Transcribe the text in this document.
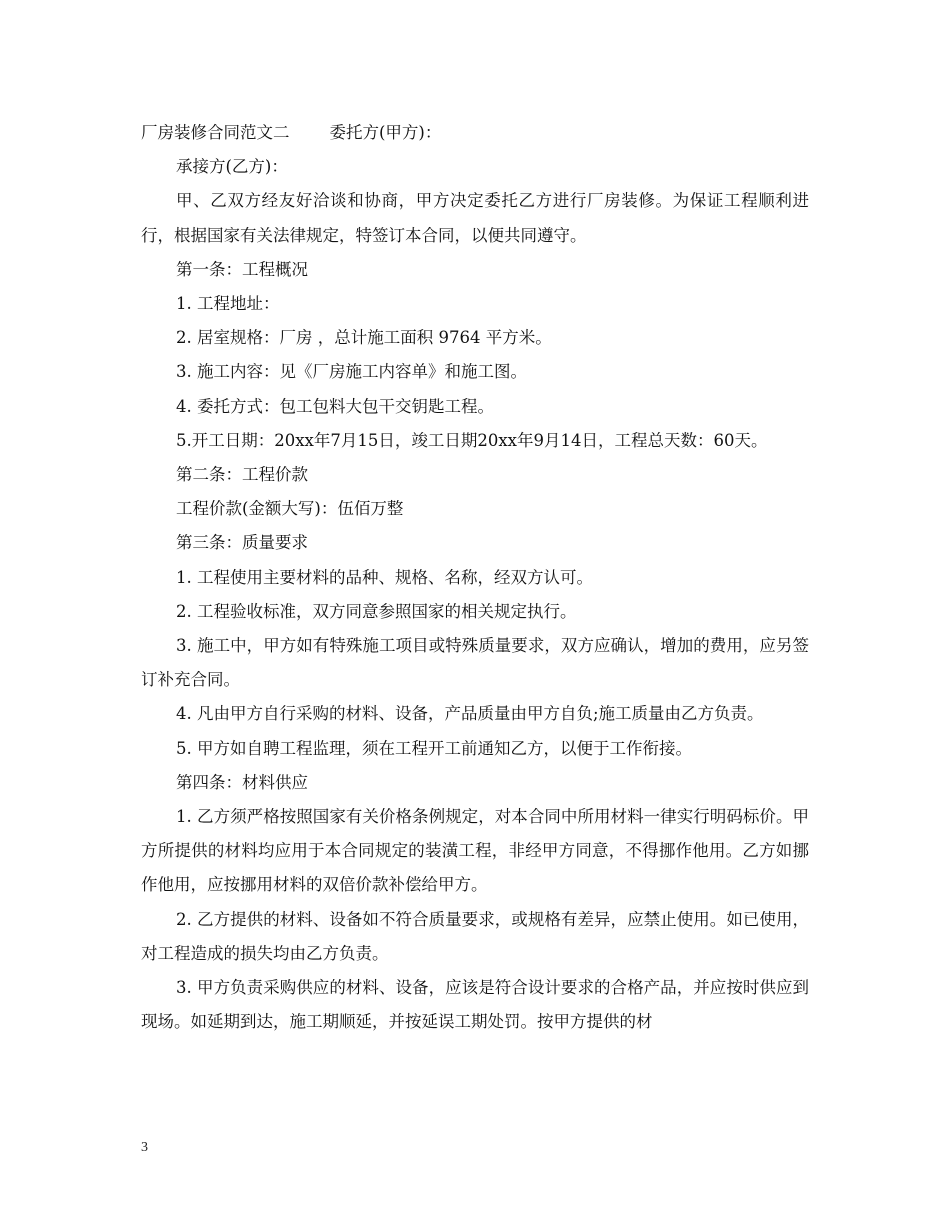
厂房装修合同范文二 委托方(甲方)：

承接方(乙方)：

甲、乙双方经友好洽谈和协商，甲方决定委托乙方进行厂房装修。为保证工程顺利进行，根据国家有关法律规定，特签订本合同，以便共同遵守。

第一条：工程概况

1. 工程地址：

2. 居室规格：厂房 ，总计施工面积 9764 平方米。

3. 施工内容：见《厂房施工内容单》和施工图。

4. 委托方式：包工包料大包干交钥匙工程。

5.开工日期：20xx年7月15日，竣工日期20xx年9月14日，工程总天数：60天。

第二条：工程价款

工程价款(金额大写)：伍佰万整

第三条：质量要求

1. 工程使用主要材料的品种、规格、名称，经双方认可。

2. 工程验收标准，双方同意参照国家的相关规定执行。

3. 施工中，甲方如有特殊施工项目或特殊质量要求，双方应确认，增加的费用，应另签订补充合同。

4. 凡由甲方自行采购的材料、设备，产品质量由甲方自负;施工质量由乙方负责。

5. 甲方如自聘工程监理，须在工程开工前通知乙方，以便于工作衔接。

第四条：材料供应

1. 乙方须严格按照国家有关价格条例规定，对本合同中所用材料一律实行明码标价。甲方所提供的材料均应用于本合同规定的装潢工程，非经甲方同意，不得挪作他用。乙方如挪作他用，应按挪用材料的双倍价款补偿给甲方。

2. 乙方提供的材料、设备如不符合质量要求，或规格有差异，应禁止使用。如已使用，对工程造成的损失均由乙方负责。

3. 甲方负责采购供应的材料、设备，应该是符合设计要求的合格产品，并应按时供应到现场。如延期到达，施工期顺延，并按延误工期处罚。按甲方提供的材

3
